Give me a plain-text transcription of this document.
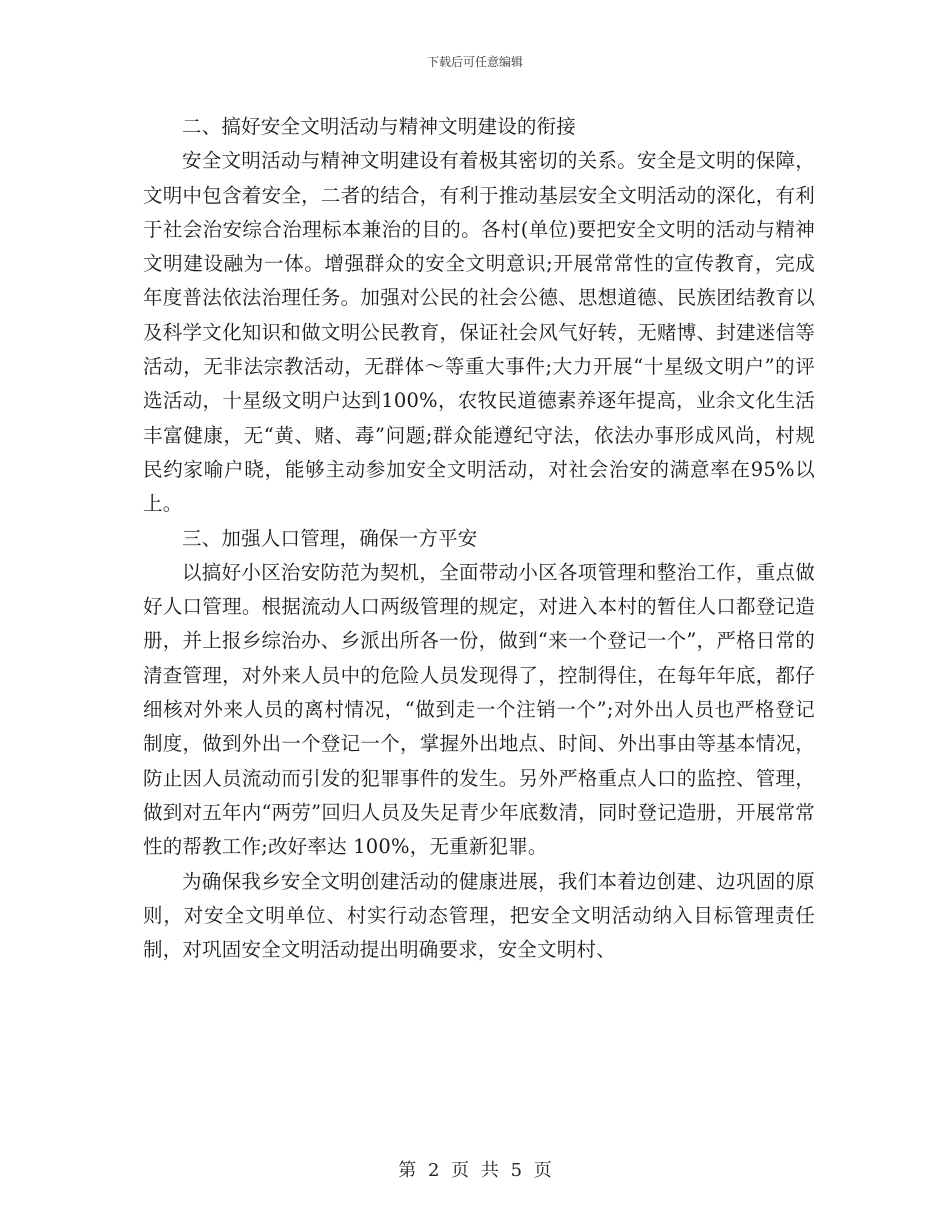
下载后可任意编辑

二、搞好安全文明活动与精神文明建设的衔接

安全文明活动与精神文明建设有着极其密切的关系。安全是文明的保障，文明中包含着安全，二者的结合，有利于推动基层安全文明活动的深化，有利于社会治安综合治理标本兼治的目的。各村(单位)要把安全文明的活动与精神文明建设融为一体。增强群众的安全文明意识;开展常常性的宣传教育，完成年度普法依法治理任务。加强对公民的社会公德、思想道德、民族团结教育以及科学文化知识和做文明公民教育，保证社会风气好转，无赌博、封建迷信等活动，无非法宗教活动，无群体～等重大事件;大力开展“十星级文明户”的评选活动，十星级文明户达到100%，农牧民道德素养逐年提高，业余文化生活丰富健康，无“黄、赌、毒”问题;群众能遵纪守法，依法办事形成风尚，村规民约家喻户晓，能够主动参加安全文明活动，对社会治安的满意率在95%以上。

三、加强人口管理，确保一方平安

以搞好小区治安防范为契机，全面带动小区各项管理和整治工作，重点做好人口管理。根据流动人口两级管理的规定，对进入本村的暂住人口都登记造册，并上报乡综治办、乡派出所各一份，做到“来一个登记一个”，严格日常的清查管理，对外来人员中的危险人员发现得了，控制得住，在每年年底，都仔细核对外来人员的离村情况，“做到走一个注销一个”;对外出人员也严格登记制度，做到外出一个登记一个，掌握外出地点、时间、外出事由等基本情况，防止因人员流动而引发的犯罪事件的发生。另外严格重点人口的监控、管理，做到对五年内“两劳”回归人员及失足青少年底数清，同时登记造册，开展常常性的帮教工作;改好率达 100%，无重新犯罪。

为确保我乡安全文明创建活动的健康进展，我们本着边创建、边巩固的原则，对安全文明单位、村实行动态管理，把安全文明活动纳入目标管理责任制，对巩固安全文明活动提出明确要求，安全文明村、

第 2 页 共 5 页
